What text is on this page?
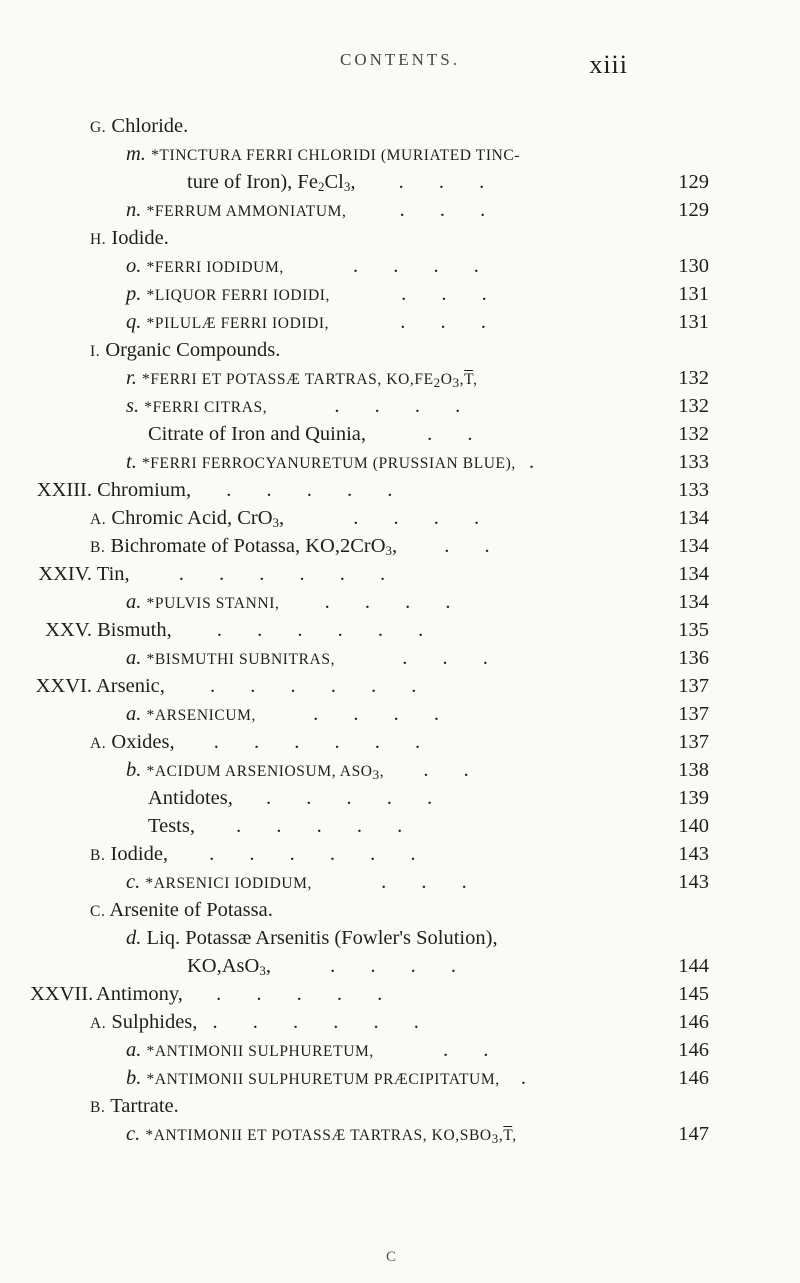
CONTENTS.	xiii
G. Chloride.
m. *TINCTURA FERRI CHLORIDI (MURIATED TINC-
ture of Iron), $Fe_2Cl_3$, . . .	129
n. *FERRUM AMMONIATUM,	. . .	129
H. Iodide.
o. *FERRI IODIDUM,	. . . .	130
p. *LIQUOR FERRI IODIDI,	. . .	131
q. *PILULÆ FERRI IODIDI,	. . .	131
I. Organic Compounds.
r. *FERRI ET POTASSÆ TARTRAS, $KO,FE_2O_3,\overline{T}$,	132
s. *FERRI CITRAS,	. . . .	132
Citrate of Iron and Quinia,	. .	132
t. *FERRI FERROCYANURETUM (PRUSSIAN BLUE), .	133
XXIII. Chromium, . . . . .	133
A. Chromic Acid, CrO$_3$,	. . . .	134
B. Bichromate of Potassa, KO,2CrO$_3$, . .	134
XXIV. Tin, . . . . . .	134
a. *PULVIS STANNI, . . . .	134
XXV. Bismuth, . . . . . .	135
a. *BISMUTHI SUBNITRAS,	. . .	136
XXVI. Arsenic, . . . . . .	137
a. *ARSENICUM,	. . . .	137
A. Oxides, . . . . . .	137
b. *ACIDUM ARSENIOSUM, $ASO_3$, . .	138
Antidotes, . . . . .	139
Tests, . . . . .	140
B. Iodide, . . . . . .	143
c. *ARSENICI IODIDUM,	. . .	143
C. Arsenite of Potassa.
d. Liq. Potassæ Arsenitis (Fowler's Solution),
KO,AsO$_3$,	. . . .	144
XXVII. Antimony, . . . . .	145
A. Sulphides, . . . . . .	146
a. *ANTIMONII SULPHURETUM,	. .	146
b. *ANTIMONII SULPHURETUM PRÆCIPITATUM, .	146
B. Tartrate.
c. *ANTIMONII ET POTASSÆ TARTRAS, $KO,SBO_3,\overline{T}$,	147
C
